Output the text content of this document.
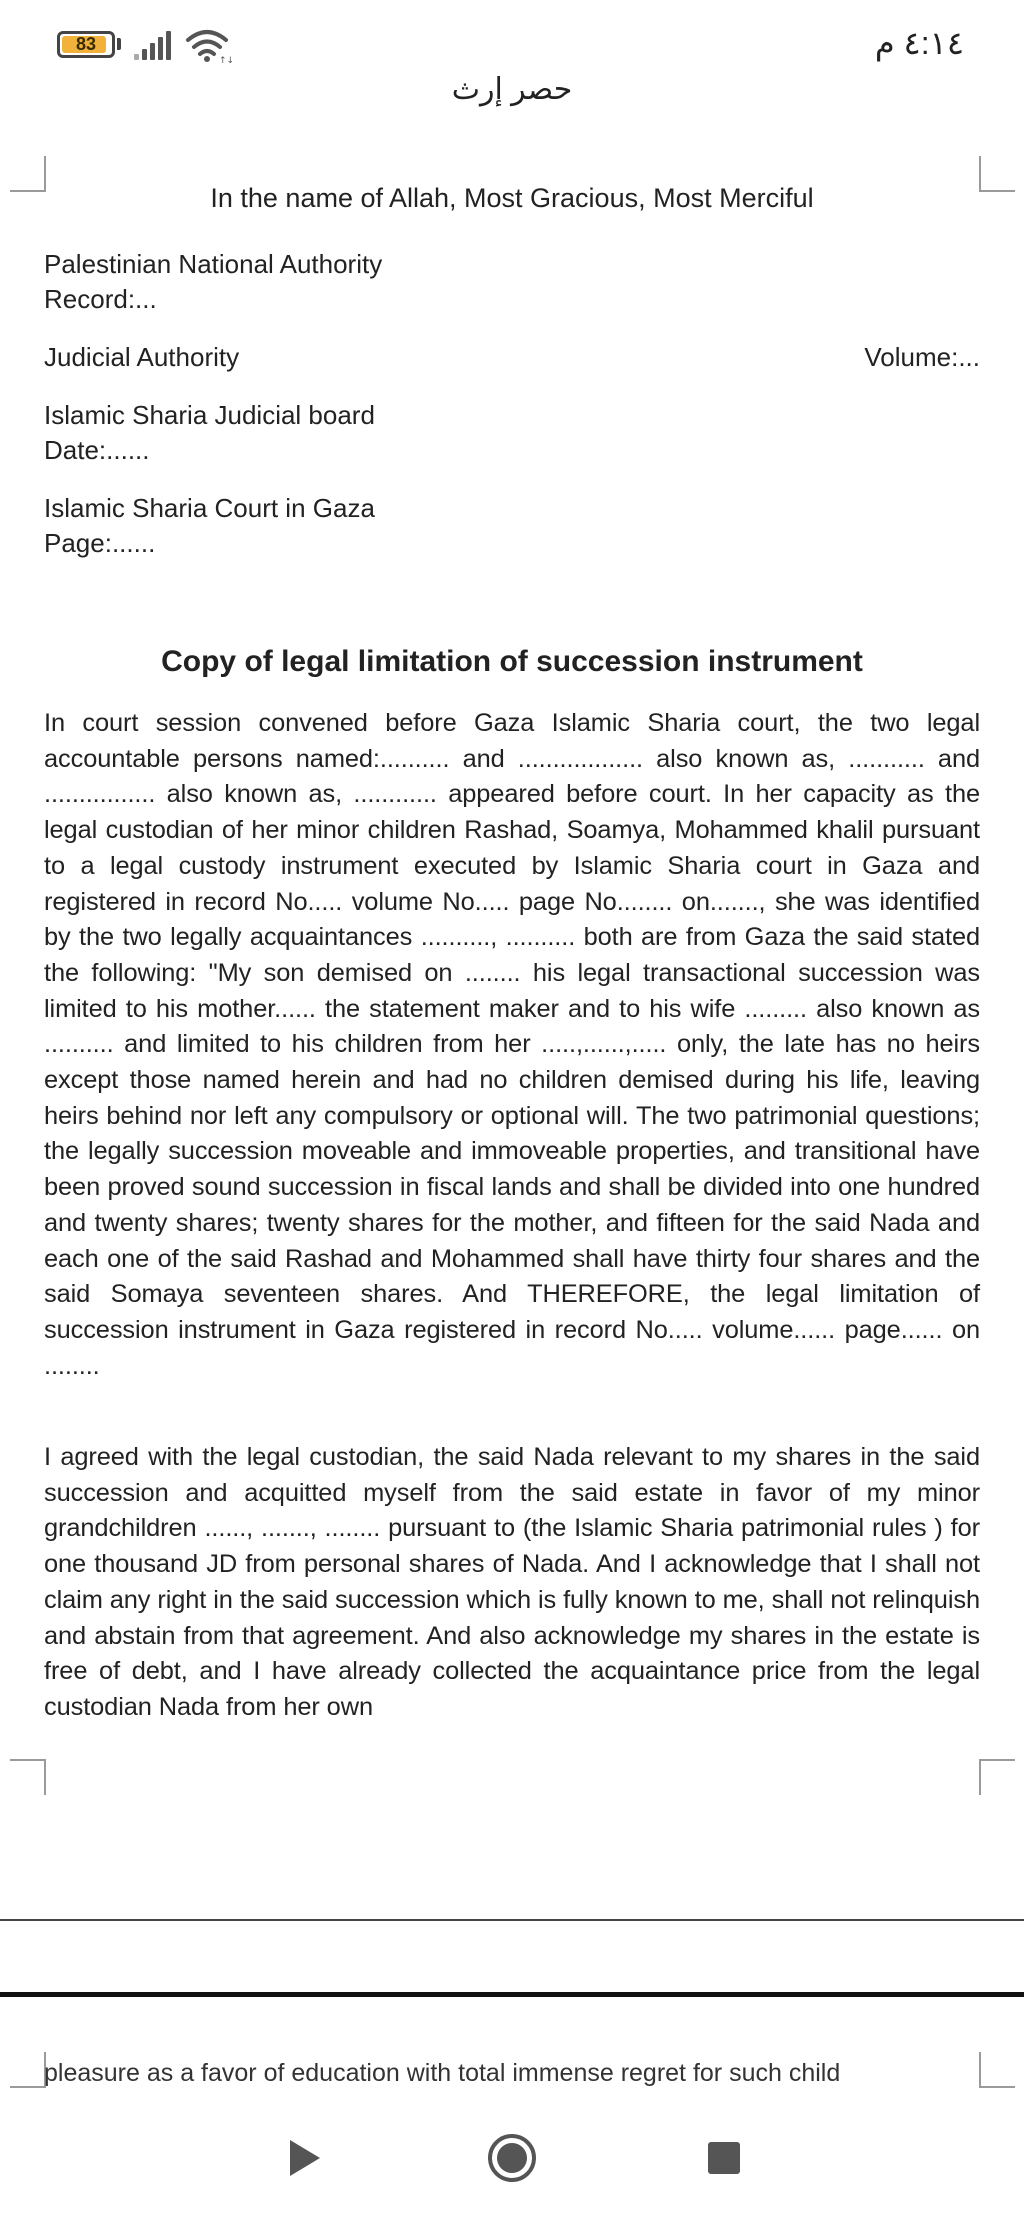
83
↑↓	٤:١٤ م
حصر إرث
In the name of Allah, Most Gracious, Most Merciful
Palestinian National Authority
Record:...
Judicial Authority	Volume:...
Islamic Sharia Judicial board
Date:......
Islamic Sharia Court in Gaza
Page:......
Copy of legal limitation of succession instrument
In court session convened before Gaza Islamic Sharia court, the two legal accountable persons named:.......... and .................. also known as, ........... and ................ also known as, ............ appeared before court. In her capacity as the legal custodian of her minor children Rashad, Soamya, Mohammed khalil pursuant to a legal custody instrument executed by Islamic Sharia court in Gaza and registered in record No..... volume No..... page No........ on......., she was identified by the two legally acquaintances .........., .......... both are from Gaza the said stated the following: "My son demised on ........ his legal transactional succession was limited to his mother...... the statement maker and to his wife ......... also known as .......... and limited to his children from her .....,......,..... only, the late has no heirs except those named herein and had no children demised during his life, leaving heirs behind nor left any compulsory or optional will. The two patrimonial questions; the legally succession moveable and immoveable properties, and transitional have been proved sound succession in fiscal lands and shall be divided into one hundred and twenty shares; twenty shares for the mother, and fifteen for the said Nada and each one of the said Rashad and Mohammed shall have thirty four shares and the said Somaya seventeen shares. And THEREFORE, the legal limitation of succession instrument in Gaza registered in record No..... volume...... page...... on ........
I agreed with the legal custodian, the said Nada relevant to my shares in the said succession and acquitted myself from the said estate in favor of my minor grandchildren ......, ......., ........ pursuant to (the Islamic Sharia patrimonial rules ) for one thousand JD from personal shares of Nada. And I acknowledge that I shall not claim any right in the said succession which is fully known to me, shall not relinquish and abstain from that agreement. And also acknowledge my shares in the estate is free of debt, and I have already collected the acquaintance price from the legal custodian Nada from her own
pleasure as a favor of education with total immense regret for such child
